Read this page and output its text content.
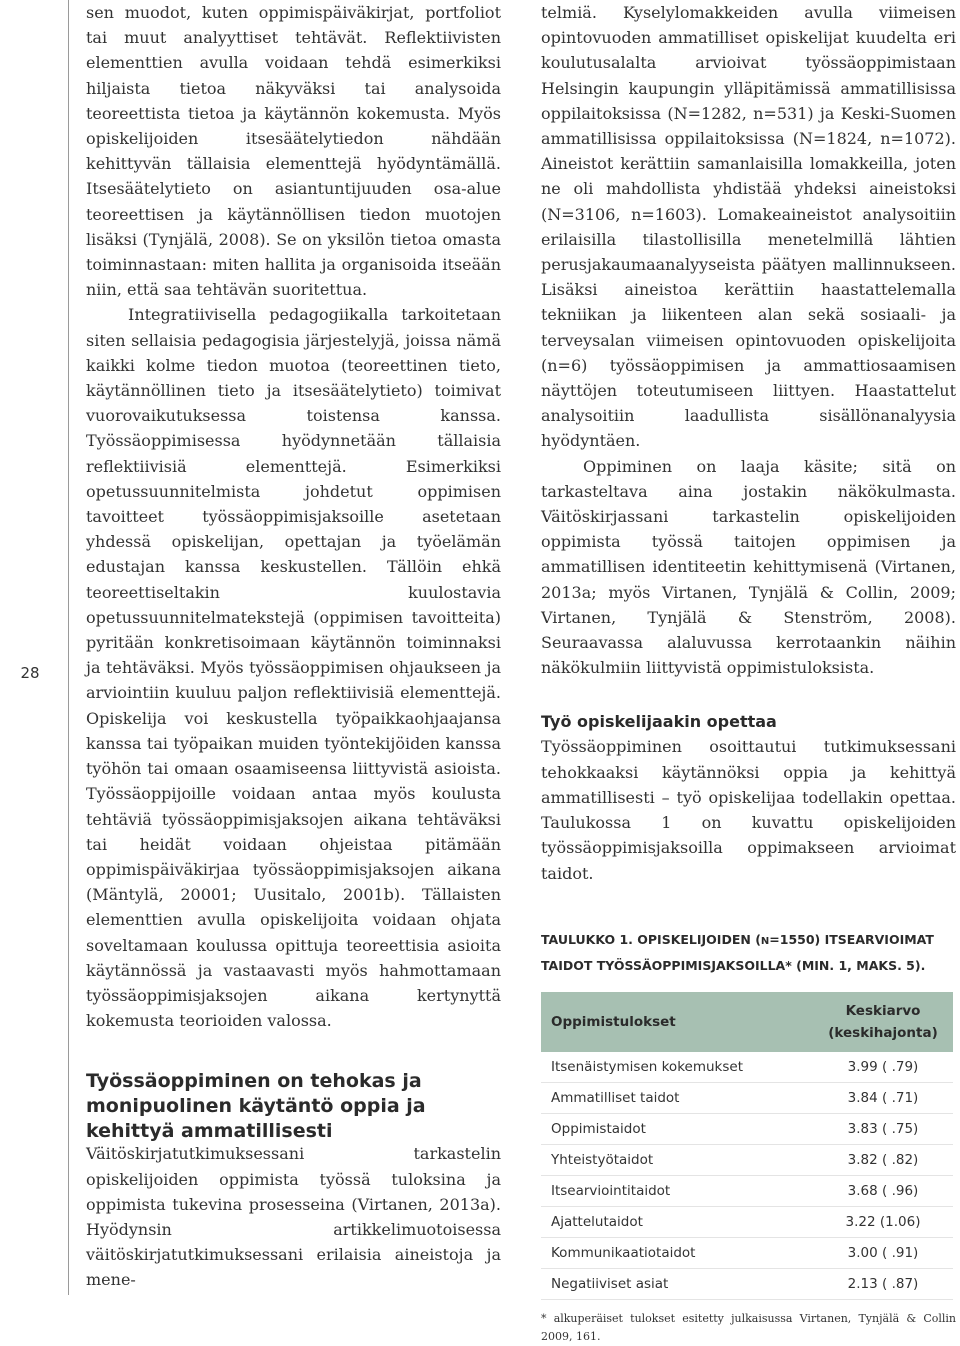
28

sen muodot, kuten oppimispäiväkirjat, portfoliot tai muut analyyttiset tehtävät. Reflektiivisten elementtien avulla voidaan tehdä esimerkiksi hiljaista tietoa näkyväksi tai analysoida teoreettista tietoa ja käytännön kokemusta. Myös opiskelijoiden itsesäätelytiedon nähdään kehittyvän tällaisia elementtejä hyödyntämällä. Itsesäätelytieto on asiantuntijuuden osa-alue teoreettisen ja käytännöllisen tiedon muotojen lisäksi (Tynjälä, 2008). Se on yksilön tietoa omasta toiminnastaan: miten hallita ja organisoida itseään niin, että saa tehtävän suoritettua.

Integratiivisella pedagogiikalla tarkoitetaan siten sellaisia pedagogisia järjestelyjä, joissa nämä kaikki kolme tiedon muotoa (teoreettinen tieto, käytännöllinen tieto ja itsesäätelytieto) toimivat vuorovaikutuksessa toistensa kanssa. Työssäoppimisessa hyödynnetään tällaisia reflektiivisiä elementtejä. Esimerkiksi opetussuunnitelmista johdetut oppimisen tavoitteet työssäoppimisjaksoille asetetaan yhdessä opiskelijan, opettajan ja työelämän edustajan kanssa keskustellen. Tällöin ehkä teoreettiseltakin kuulostavia opetussuunnitelmatekstejä (oppimisen tavoitteita) pyritään konkretisoimaan käytännön toiminnaksi ja tehtäväksi. Myös työssäoppimisen ohjaukseen ja arviointiin kuuluu paljon reflektiivisiä elementtejä. Opiskelija voi keskustella työpaikkaohjaajansa kanssa tai työpaikan muiden työntekijöiden kanssa työhön tai omaan osaamiseensa liittyvistä asioista. Työssäoppijoille voidaan antaa myös koulusta tehtäviä työssäoppimisjaksojen aikana tehtäväksi tai heidät voidaan ohjeistaa pitämään oppimispäiväkirjaa työssäoppimisjaksojen aikana (Mäntylä, 20001; Uusitalo, 2001b). Tällaisten elementtien avulla opiskelijoita voidaan ohjata soveltamaan koulussa opittuja teoreettisia asioita käytännössä ja vastaavasti myös hahmottamaan työssäoppimisjaksojen aikana kertynyttä kokemusta teorioiden valossa.

Työssäoppiminen on tehokas ja monipuolinen käytäntö oppia ja kehittyä ammatillisesti

Väitöskirjatutkimuksessani tarkastelin opiskelijoiden oppimista työssä tuloksina ja oppimista tukevina prosesseina (Virtanen, 2013a). Hyödynsin artikkelimuotoisessa väitöskirjatutkimuksessani erilaisia aineistoja ja mene-

telmiä. Kyselylomakkeiden avulla viimeisen opintovuoden ammatilliset opiskelijat kuudelta eri koulutusalalta arvioivat työssäoppimistaan Helsingin kaupungin ylläpitämissä ammatillisissa oppilaitoksissa (N=1282, n=531) ja Keski-Suomen ammatillisissa oppilaitoksissa (N=1824, n=1072). Aineistot kerättiin samanlaisilla lomakkeilla, joten ne oli mahdollista yhdistää yhdeksi aineistoksi (N=3106, n=1603). Lomakeaineistot analysoitiin erilaisilla tilastollisilla menetelmillä lähtien perusjakaumaanalyyseista päätyen mallinnukseen. Lisäksi aineistoa kerättiin haastattelemalla tekniikan ja liikenteen alan sekä sosiaali- ja terveysalan viimeisen opintovuoden opiskelijoita (n=6) työssäoppimisen ja ammattiosaamisen näyttöjen toteutumiseen liittyen. Haastattelut analysoitiin laadullista sisällönanalyysia hyödyntäen.

Oppiminen on laaja käsite; sitä on tarkasteltava aina jostakin näkökulmasta. Väitöskirjassani tarkastelin opiskelijoiden oppimista työssä taitojen oppimisen ja ammatillisen identiteetin kehittymisenä (Virtanen, 2013a; myös Virtanen, Tynjälä & Collin, 2009; Virtanen, Tynjälä & Stenström, 2008). Seuraavassa alaluvussa kerrotaankin näihin näkökulmiin liittyvistä oppimistuloksista.

Työ opiskelijaakin opettaa

Työssäoppiminen osoittautui tutkimuksessani tehokkaaksi käytännöksi oppia ja kehittyä ammatillisesti – työ opiskelijaa todellakin opettaa. Taulukossa 1 on kuvattu opiskelijoiden työssäoppimisjaksoilla oppimakseen arvioimat taidot.

TAULUKKO 1. OPISKELIJOIDEN (N=1550) ITSEARVIOIMAT TAIDOT TYÖSSÄOPPIMISJAKSOILLA* (MIN. 1, MAKS. 5).
Oppimistulokset	Keskiarvo
(keskihajonta)
Itsenäistymisen kokemukset	3.99 ( .79)
Ammatilliset taidot	3.84 ( .71)
Oppimistaidot	3.83 ( .75)
Yhteistyötaidot	3.82 ( .82)
Itsearviointitaidot	3.68 ( .96)
Ajattelutaidot	3.22 (1.06)
Kommunikaatiotaidot	3.00 ( .91)
Negatiiviset asiat	2.13 ( .87)
* alkuperäiset tulokset esitetty julkaisussa Virtanen, Tynjälä & Collin 2009, 161.
